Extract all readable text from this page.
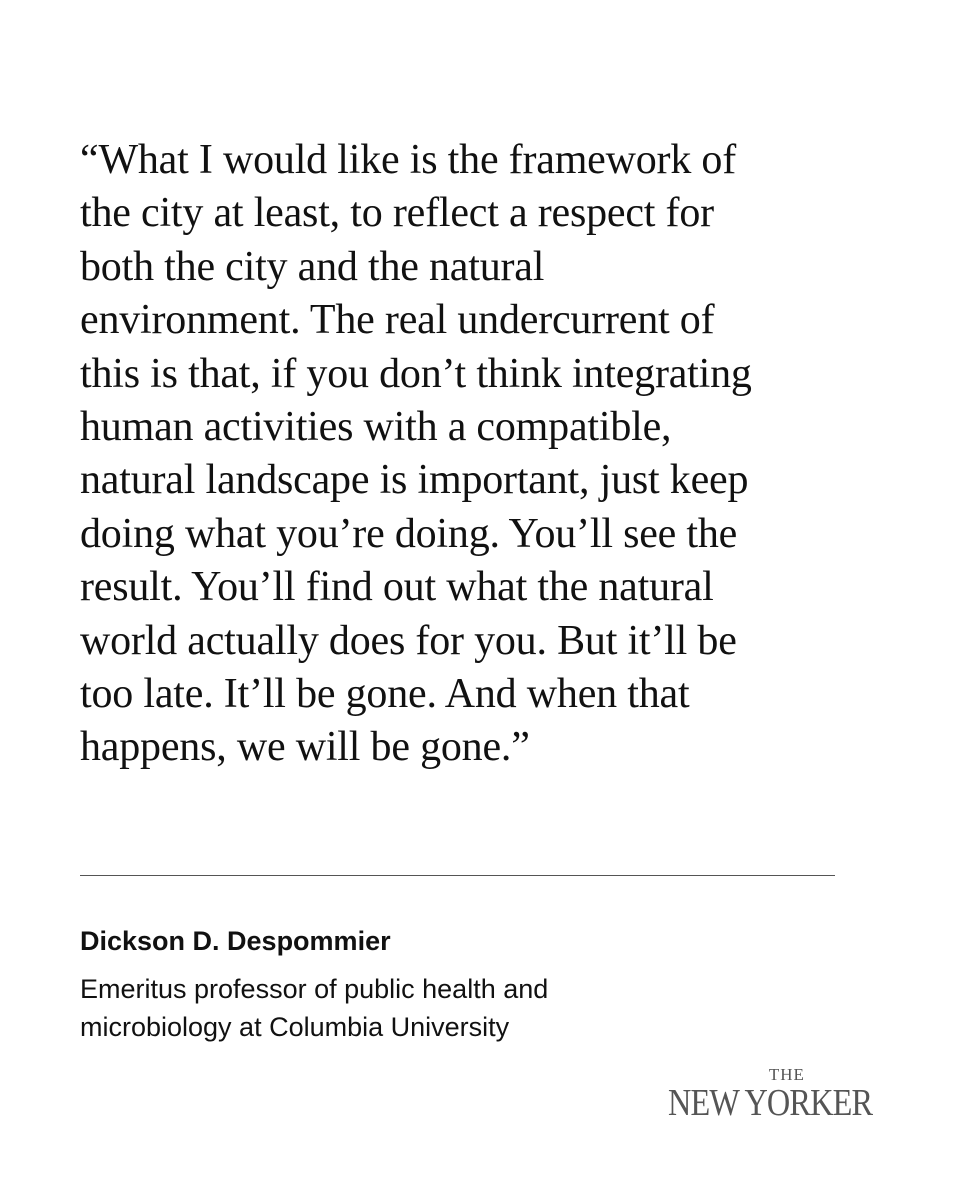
“What I would like is the framework of
the city at least, to reflect a respect for
both the city and the natural
environment. The real undercurrent of
this is that, if you don’t think integrating
human activities with a compatible,
natural landscape is important, just keep
doing what you’re doing. You’ll see the
result. You’ll find out what the natural
world actually does for you. But it’ll be
too late. It’ll be gone. And when that
happens, we will be gone.”
Dickson D. Despommier
Emeritus professor of public health and
microbiology at Columbia University
THE
NEW YORKER
